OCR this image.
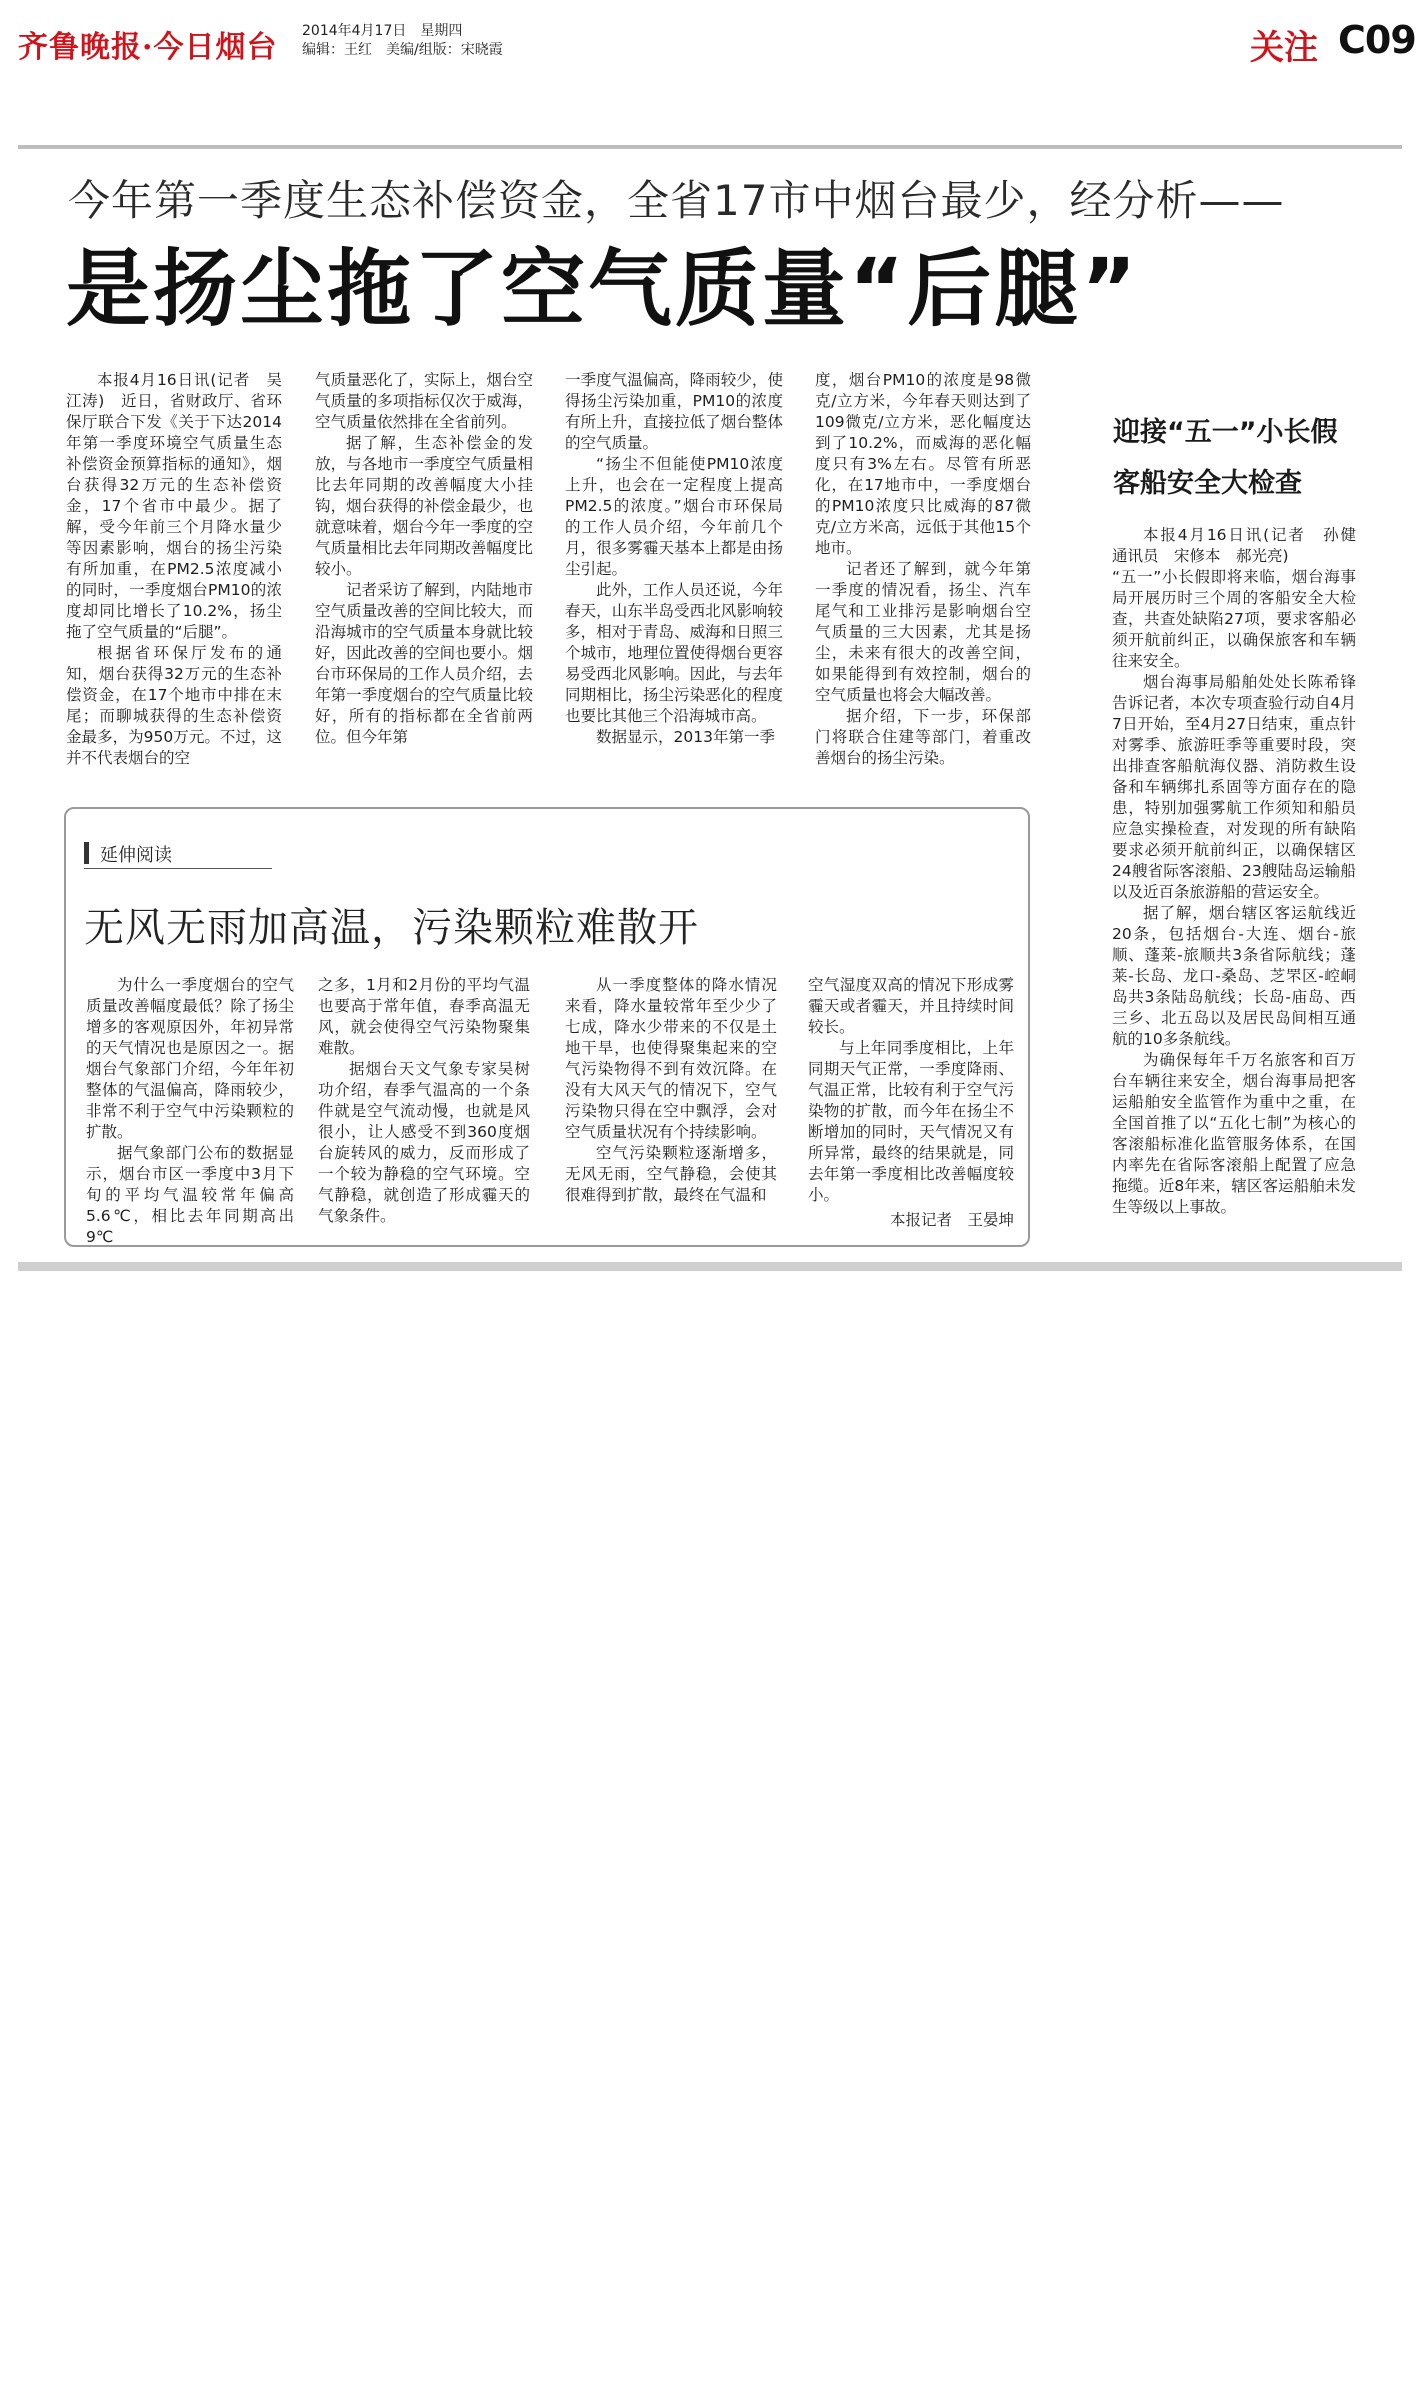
齐鲁晚报·今日烟台 2014年4月17日　星期四
编辑：王红　美编/组版：宋晓霞	关注 C09
今年第一季度生态补偿资金，全省17市中烟台最少，经分析——
是扬尘拖了空气质量“后腿”

本报4月16日讯(记者　吴江涛)　近日，省财政厅、省环保厅联合下发《关于下达2014年第一季度环境空气质量生态补偿资金预算指标的通知》，烟台获得32万元的生态补偿资金，17个省市中最少。据了解，受今年前三个月降水量少等因素影响，烟台的扬尘污染有所加重，在PM2.5浓度减小的同时，一季度烟台PM10的浓度却同比增长了10.2%，扬尘拖了空气质量的“后腿”。

根据省环保厅发布的通知，烟台获得32万元的生态补偿资金，在17个地市中排在末尾；而聊城获得的生态补偿资金最多，为950万元。不过，这并不代表烟台的空

气质量恶化了，实际上，烟台空气质量的多项指标仅次于威海，空气质量依然排在全省前列。

据了解，生态补偿金的发放，与各地市一季度空气质量相比去年同期的改善幅度大小挂钩，烟台获得的补偿金最少，也就意味着，烟台今年一季度的空气质量相比去年同期改善幅度比较小。

记者采访了解到，内陆地市空气质量改善的空间比较大，而沿海城市的空气质量本身就比较好，因此改善的空间也要小。烟台市环保局的工作人员介绍，去年第一季度烟台的空气质量比较好，所有的指标都在全省前两位。但今年第

一季度气温偏高，降雨较少，使得扬尘污染加重，PM10的浓度有所上升，直接拉低了烟台整体的空气质量。

“扬尘不但能使PM10浓度上升，也会在一定程度上提高PM2.5的浓度。”烟台市环保局的工作人员介绍，今年前几个月，很多雾霾天基本上都是由扬尘引起。

此外，工作人员还说，今年春天，山东半岛受西北风影响较多，相对于青岛、威海和日照三个城市，地理位置使得烟台更容易受西北风影响。因此，与去年同期相比，扬尘污染恶化的程度也要比其他三个沿海城市高。

数据显示，2013年第一季

度，烟台PM10的浓度是98微克/立方米，今年春天则达到了109微克/立方米，恶化幅度达到了10.2%，而威海的恶化幅度只有3%左右。尽管有所恶化，在17地市中，一季度烟台的PM10浓度只比威海的87微克/立方米高，远低于其他15个地市。

记者还了解到，就今年第一季度的情况看，扬尘、汽车尾气和工业排污是影响烟台空气质量的三大因素，尤其是扬尘，未来有很大的改善空间，如果能得到有效控制，烟台的空气质量也将会大幅改善。

据介绍，下一步，环保部门将联合住建等部门，着重改善烟台的扬尘污染。

延伸阅读
无风无雨加高温，污染颗粒难散开

为什么一季度烟台的空气质量改善幅度最低？除了扬尘增多的客观原因外，年初异常的天气情况也是原因之一。据烟台气象部门介绍，今年年初整体的气温偏高，降雨较少，非常不利于空气中污染颗粒的扩散。

据气象部门公布的数据显示，烟台市区一季度中3月下旬的平均气温较常年偏高5.6℃，相比去年同期高出9℃

之多，1月和2月份的平均气温也要高于常年值，春季高温无风，就会使得空气污染物聚集难散。

据烟台天文气象专家吴树功介绍，春季气温高的一个条件就是空气流动慢，也就是风很小，让人感受不到360度烟台旋转风的威力，反而形成了一个较为静稳的空气环境。空气静稳，就创造了形成霾天的气象条件。

从一季度整体的降水情况来看，降水量较常年至少少了七成，降水少带来的不仅是土地干旱，也使得聚集起来的空气污染物得不到有效沉降。在没有大风天气的情况下，空气污染物只得在空中飘浮，会对空气质量状况有个持续影响。

空气污染颗粒逐渐增多，无风无雨，空气静稳，会使其很难得到扩散，最终在气温和

空气湿度双高的情况下形成雾霾天或者霾天，并且持续时间较长。

与上年同季度相比，上年同期天气正常，一季度降雨、气温正常，比较有利于空气污染物的扩散，而今年在扬尘不断增加的同时，天气情况又有所异常，最终的结果就是，同去年第一季度相比改善幅度较小。

本报记者　王晏坤

迎接“五一”小长假
客船安全大检查

本报4月16日讯(记者　孙健　通讯员　宋修本　郝光亮)

“五一”小长假即将来临，烟台海事局开展历时三个周的客船安全大检查，共查处缺陷27项，要求客船必须开航前纠正，以确保旅客和车辆往来安全。

烟台海事局船舶处处长陈希锋告诉记者，本次专项查验行动自4月7日开始，至4月27日结束，重点针对雾季、旅游旺季等重要时段，突出排查客船航海仪器、消防救生设备和车辆绑扎系固等方面存在的隐患，特别加强雾航工作须知和船员应急实操检查，对发现的所有缺陷要求必须开航前纠正，以确保辖区24艘省际客滚船、23艘陆岛运输船以及近百条旅游船的营运安全。

据了解，烟台辖区客运航线近20条，包括烟台-大连、烟台-旅顺、蓬莱-旅顺共3条省际航线；蓬莱-长岛、龙口-桑岛、芝罘区-崆峒岛共3条陆岛航线；长岛-庙岛、西三乡、北五岛以及居民岛间相互通航的10多条航线。

为确保每年千万名旅客和百万台车辆往来安全，烟台海事局把客运船舶安全监管作为重中之重，在全国首推了以“五化七制”为核心的客滚船标准化监管服务体系，在国内率先在省际客滚船上配置了应急拖缆。近8年来，辖区客运船舶未发生等级以上事故。
